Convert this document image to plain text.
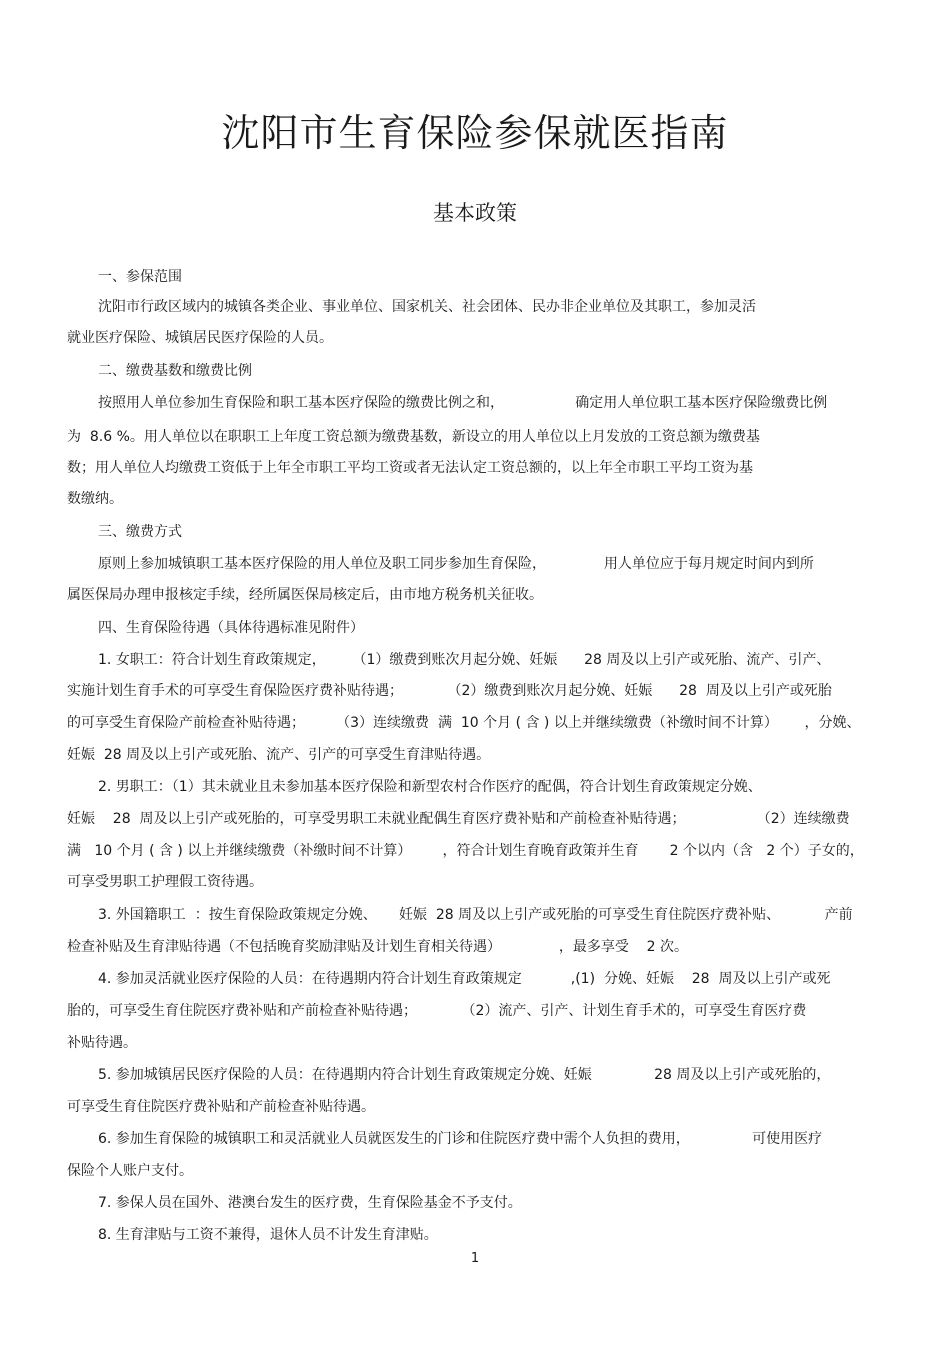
沈阳市生育保险参保就医指南
基本政策
一、参保范围
沈阳市行政区域内的城镇各类企业、事业单位、国家机关、社会团体、民办非企业单位及其职工，参加灵活
就业医疗保险、城镇居民医疗保险的人员。
二、缴费基数和缴费比例
按照用人单位参加生育保险和职工基本医疗保险的缴费比例之和，                确定用人单位职工基本医疗保险缴费比例
为  8.6 %。用人单位以在职职工上年度工资总额为缴费基数，新设立的用人单位以上月发放的工资总额为缴费基
数；用人单位人均缴费工资低于上年全市职工平均工资或者无法认定工资总额的，以上年全市职工平均工资为基
数缴纳。
三、缴费方式
原则上参加城镇职工基本医疗保险的用人单位及职工同步参加生育保险，             用人单位应于每月规定时间内到所
属医保局办理申报核定手续，经所属医保局核定后，由市地方税务机关征收。
四、生育保险待遇（具体待遇标准见附件）
1. 女职工：符合计划生育政策规定，      （1）缴费到账次月起分娩、妊娠      28 周及以上引产或死胎、流产、引产、
实施计划生育手术的可享受生育保险医疗费补贴待遇；          （2）缴费到账次月起分娩、妊娠      28  周及以上引产或死胎
的可享受生育保险产前检查补贴待遇；       （3）连续缴费  满  10 个月 ( 含 ) 以上并继续缴费（补缴时间不计算）      ，分娩、
妊娠  28 周及以上引产或死胎、流产、引产的可享受生育津贴待遇。
2. 男职工：（1）其未就业且未参加基本医疗保险和新型农村合作医疗的配偶，符合计划生育政策规定分娩、
妊娠    28  周及以上引产或死胎的，可享受男职工未就业配偶生育医疗费补贴和产前检查补贴待遇；                （2）连续缴费
满   10 个月 ( 含 ) 以上并继续缴费（补缴时间不计算）       ，符合计划生育晚育政策并生育       2 个以内（含   2 个）子女的，
可享受男职工护理假工资待遇。
3. 外国籍职工  ：按生育保险政策规定分娩、     妊娠  28 周及以上引产或死胎的可享受生育住院医疗费补贴、          产前
检查补贴及生育津贴待遇（不包括晚育奖励津贴及计划生育相关待遇）             ，最多享受    2 次。
4. 参加灵活就业医疗保险的人员：在待遇期内符合计划生育政策规定           ,(1)  分娩、妊娠    28  周及以上引产或死
胎的，可享受生育住院医疗费补贴和产前检查补贴待遇；          （2）流产、引产、计划生育手术的，可享受生育医疗费
补贴待遇。
5. 参加城镇居民医疗保险的人员：在待遇期内符合计划生育政策规定分娩、妊娠              28 周及以上引产或死胎的，
可享受生育住院医疗费补贴和产前检查补贴待遇。
6. 参加生育保险的城镇职工和灵活就业人员就医发生的门诊和住院医疗费中需个人负担的费用，              可使用医疗
保险个人账户支付。
7. 参保人员在国外、港澳台发生的医疗费，生育保险基金不予支付。
8. 生育津贴与工资不兼得，退休人员不计发生育津贴。
1
